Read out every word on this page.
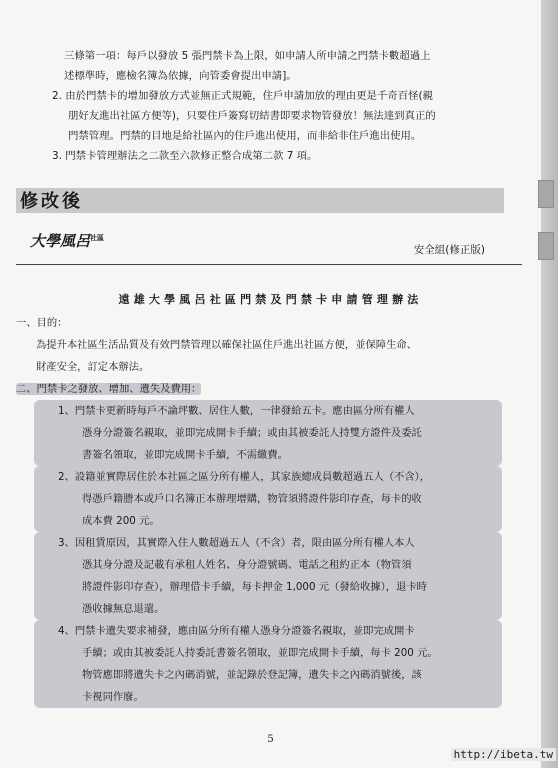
三條第一項：每戶以發放 5 張門禁卡為上限，如申請人所申請之門禁卡數超過上
述標準時，應檢名簿為依據，向管委會提出申請]。
2. 由於門禁卡的增加發放方式並無正式規範，住戶申請加放的理由更是千奇百怪(親
朋好友進出社區方便等)，只要住戶簽寫切結書即要求物管發放！無法達到真正的
門禁管理。門禁的目地是給社區內的住戶進出使用，而非給非住戶進出使用。
3. 門禁卡管理辦法之二款至六款修正整合成第二款 7 項。
修改後
大學風呂$^{社區}$
安全組(修正版)
遠雄大學風呂社區門禁及門禁卡申請管理辦法
一、目的：
為提升本社區生活品質及有效門禁管理以確保社區住戶進出社區方便，並保障生命、
財產安全，訂定本辦法。
二、門禁卡之發放、增加、遺失及費用：
1、門禁卡更新時每戶不論坪數、居住人數，一律發給五卡。應由區分所有權人
憑身分證簽名親取，並即完成開卡手續；或由其被委託人持雙方證件及委託
書簽名領取，並即完成開卡手續，不需繳費。
2、設籍並實際居住於本社區之區分所有權人，其家族總成員數超過五人（不含），
得憑戶籍謄本或戶口名簿正本辦理增購，物管須將證件影印存查，每卡的收
成本費 200 元。
3、因租賃原因，其實際入住人數超過五人（不含）者，限由區分所有權人本人
憑其身分證及記載有承租人姓名、身分證號碼、電話之租約正本（物管須
將證件影印存查），辦理借卡手續，每卡押金 1,000 元（發給收據），退卡時
憑收據無息退還。
4、門禁卡遺失要求補發，應由區分所有權人憑身分證簽名親取，並即完成開卡
手續；或由其被委託人持委託書簽名領取，並即完成開卡手續，每卡 200 元。
物管應即將遺失卡之內碼消號，並記錄於登記簿，遺失卡之內碼消號後，該
卡視同作廢。
5
http://ibeta.tw
